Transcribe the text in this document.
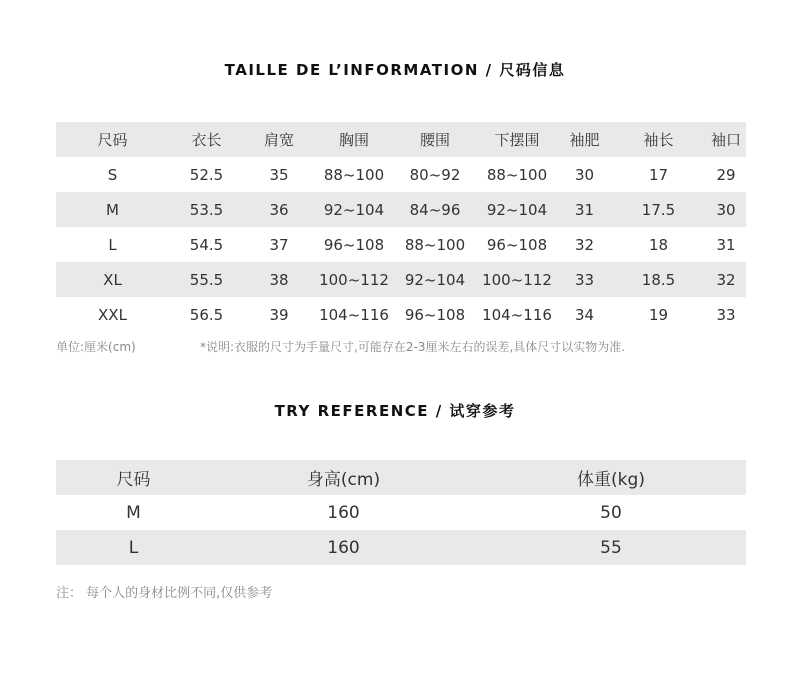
TAILLE DE L’INFORMATION / 尺码信息
尺码	衣长	肩宽	胸围	腰围	下摆围	袖肥	袖长	袖口
S	52.5	35	88~100	80~92	88~100	30	17	29
M	53.5	36	92~104	84~96	92~104	31	17.5	30
L	54.5	37	96~108	88~100	96~108	32	18	31
XL	55.5	38	100~112	92~104	100~112	33	18.5	32
XXL	56.5	39	104~116	96~108	104~116	34	19	33
单位:厘米(cm)	*说明:衣服的尺寸为手量尺寸,可能存在2-3厘米左右的误差,具体尺寸以实物为准.
TRY REFERENCE / 试穿参考
尺码	身高(cm)	体重(kg)
M	160	50
L	160	55
注： 每个人的身材比例不同,仅供参考
